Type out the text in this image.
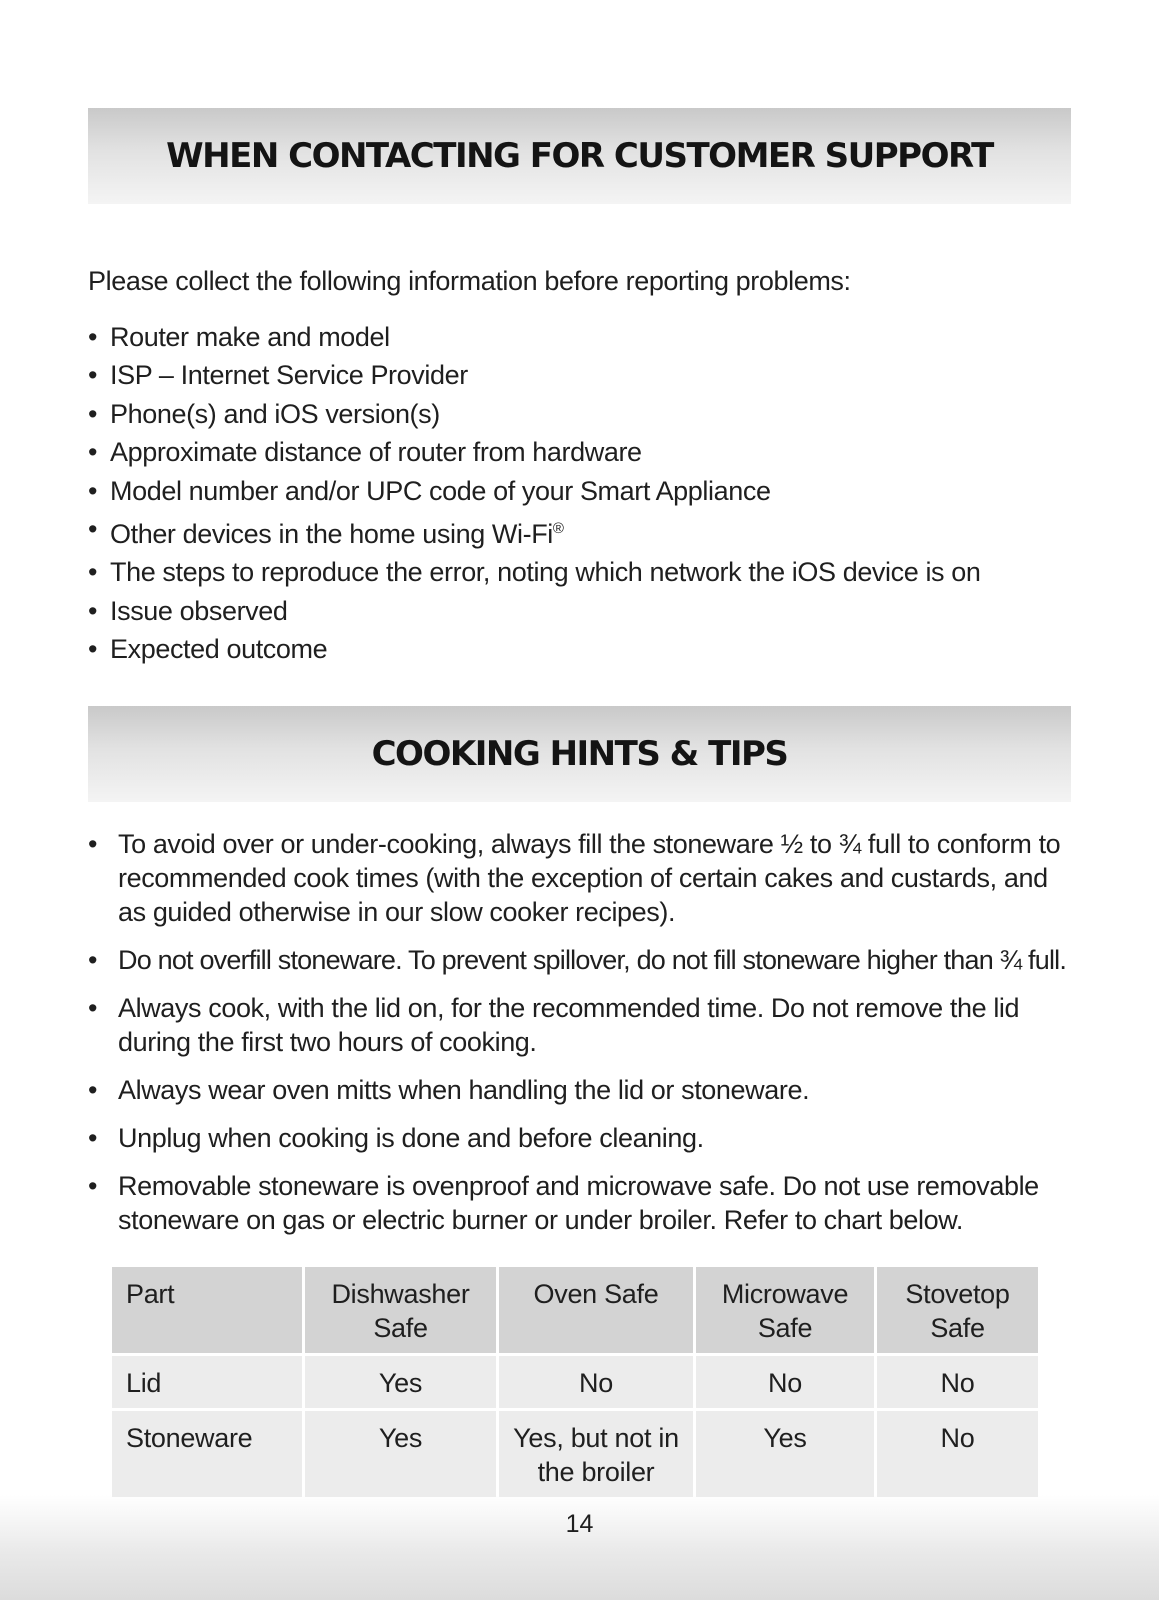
WHEN CONTACTING FOR CUSTOMER SUPPORT

Please collect the following information before reporting problems:

• Router make and model
• ISP – Internet Service Provider
• Phone(s) and iOS version(s)
• Approximate distance of router from hardware
• Model number and/or UPC code of your Smart Appliance
• Other devices in the home using Wi-Fi®
• The steps to reproduce the error, noting which network the iOS device is on
• Issue observed
• Expected outcome
COOKING HINTS & TIPS
• To avoid over or under-cooking, always fill the stoneware ½ to ¾ full to conform to recommended cook times (with the exception of certain cakes and custards, and as guided otherwise in our slow cooker recipes).
• Do not overfill stoneware. To prevent spillover, do not fill stoneware higher than ¾ full.
• Always cook, with the lid on, for the recommended time. Do not remove the lid during the first two hours of cooking.
• Always wear oven mitts when handling the lid or stoneware.
• Unplug when cooking is done and before cleaning.
• Removable stoneware is ovenproof and microwave safe. Do not use removable stoneware on gas or electric burner or under broiler. Refer to chart below.
Part	Dishwasher Safe	Oven Safe	Microwave Safe	Stovetop Safe
Lid	Yes	No	No	No
Stoneware	Yes	Yes, but not in the broiler	Yes	No
14
